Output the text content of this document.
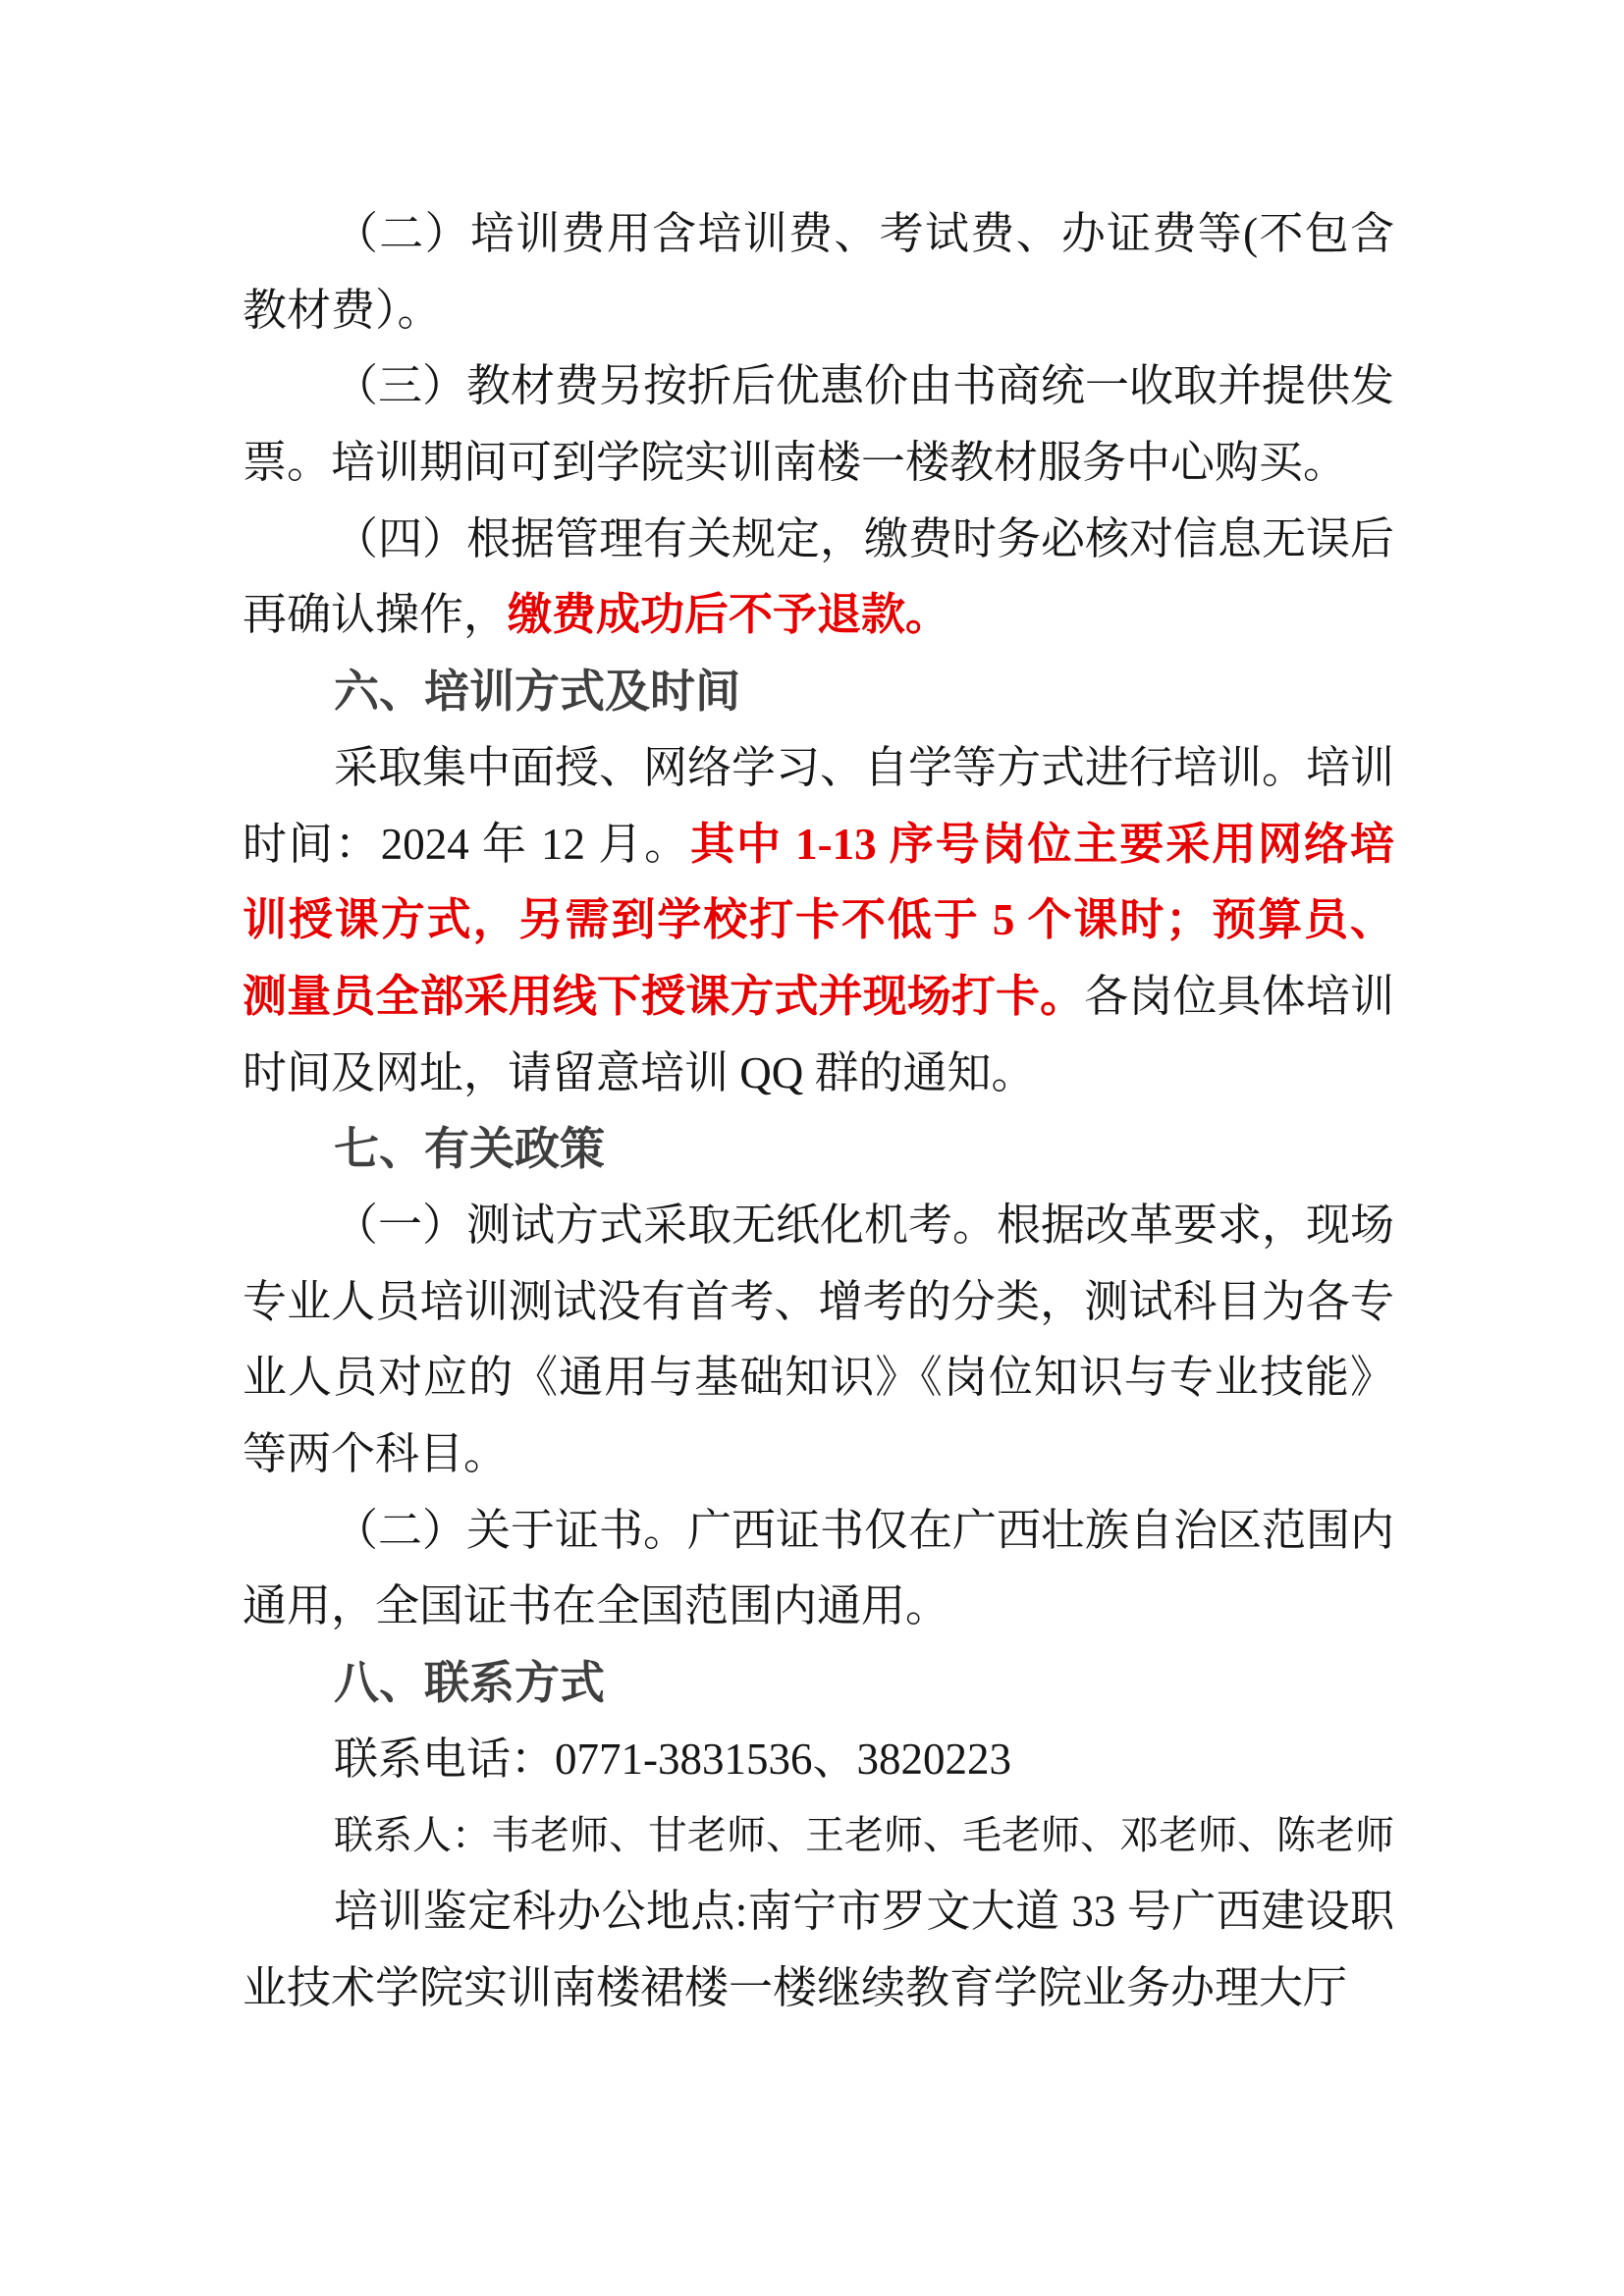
（二）培训费用含培训费、考试费、办证费等(不包含
教材费）。
（三）教材费另按折后优惠价由书商统一收取并提供发
票。培训期间可到学院实训南楼一楼教材服务中心购买。
（四）根据管理有关规定，缴费时务必核对信息无误后
再确认操作，缴费成功后不予退款。
六、培训方式及时间
采取集中面授、网络学习、自学等方式进行培训。培训
时间：2024 年 12 月。其中 1-13 序号岗位主要采用网络培
训授课方式，另需到学校打卡不低于 5 个课时；预算员、
测量员全部采用线下授课方式并现场打卡。各岗位具体培训
时间及网址，请留意培训 QQ 群的通知。
七、有关政策
（一）测试方式采取无纸化机考。根据改革要求，现场
专业人员培训测试没有首考、增考的分类，测试科目为各专
业人员对应的《通用与基础知识》《岗位知识与专业技能》
等两个科目。
（二）关于证书。广西证书仅在广西壮族自治区范围内
通用，全国证书在全国范围内通用。
八、联系方式
联系电话：0771-3831536、3820223
联系人：韦老师、甘老师、王老师、毛老师、邓老师、陈老师
培训鉴定科办公地点:南宁市罗文大道 33 号广西建设职
业技术学院实训南楼裙楼一楼继续教育学院业务办理大厅
